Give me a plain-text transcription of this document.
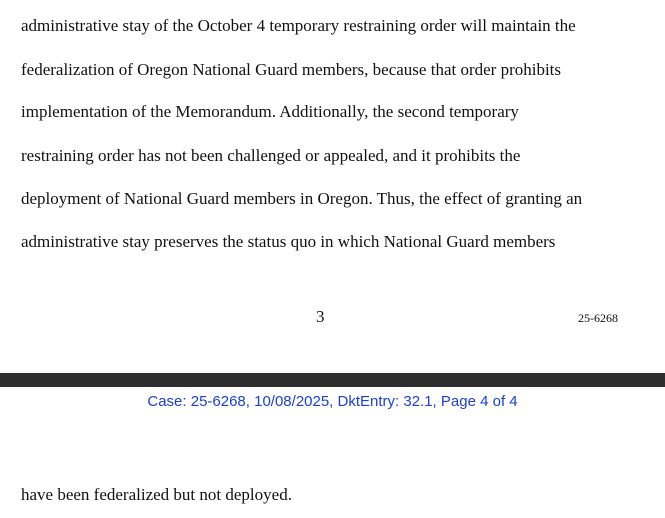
administrative stay of the October 4 temporary restraining order will maintain the

federalization of Oregon National Guard members, because that order prohibits

implementation of the Memorandum. Additionally, the second temporary

restraining order has not been challenged or appealed, and it prohibits the

deployment of National Guard members in Oregon. Thus, the effect of granting an

administrative stay preserves the status quo in which National Guard members

3	25-6268

Case: 25-6268, 10/08/2025, DktEntry: 32.1, Page 4 of 4

have been federalized but not deployed.
